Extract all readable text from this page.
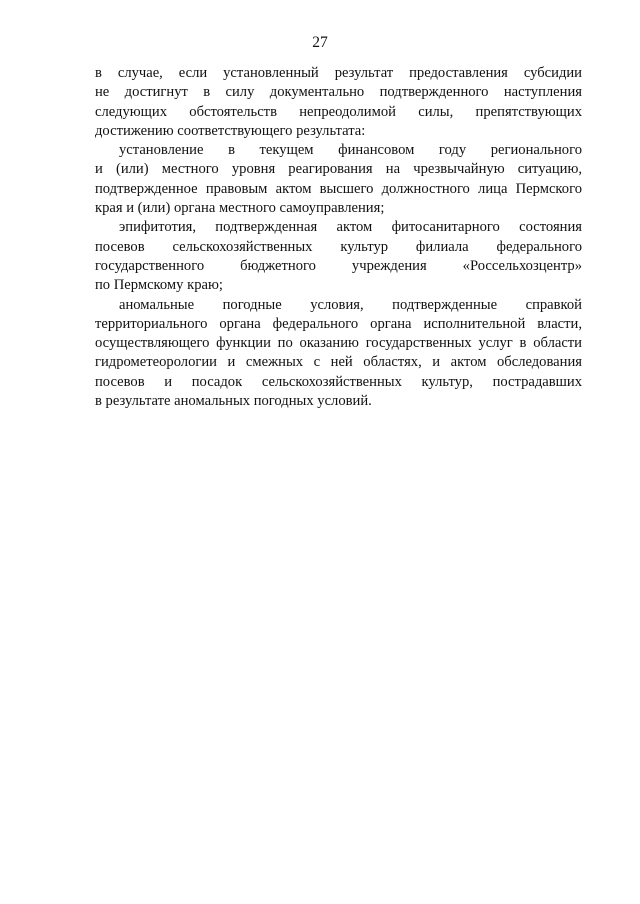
27

в случае, если установленный результат предоставления субсидии
не достигнут в силу документально подтвержденного наступления
следующих обстоятельств непреодолимой силы, препятствующих
достижению соответствующего результата:

установление в текущем финансовом году регионального
и (или) местного уровня реагирования на чрезвычайную ситуацию,
подтвержденное правовым актом высшего должностного лица Пермского
края и (или) органа местного самоуправления;

эпифитотия, подтвержденная актом фитосанитарного состояния
посевов сельскохозяйственных культур филиала федерального
государственного бюджетного учреждения «Россельхозцентр»
по Пермскому краю;

аномальные погодные условия, подтвержденные справкой
территориального органа федерального органа исполнительной власти,
осуществляющего функции по оказанию государственных услуг в области
гидрометеорологии и смежных с ней областях, и актом обследования
посевов и посадок сельскохозяйственных культур, пострадавших
в результате аномальных погодных условий.
